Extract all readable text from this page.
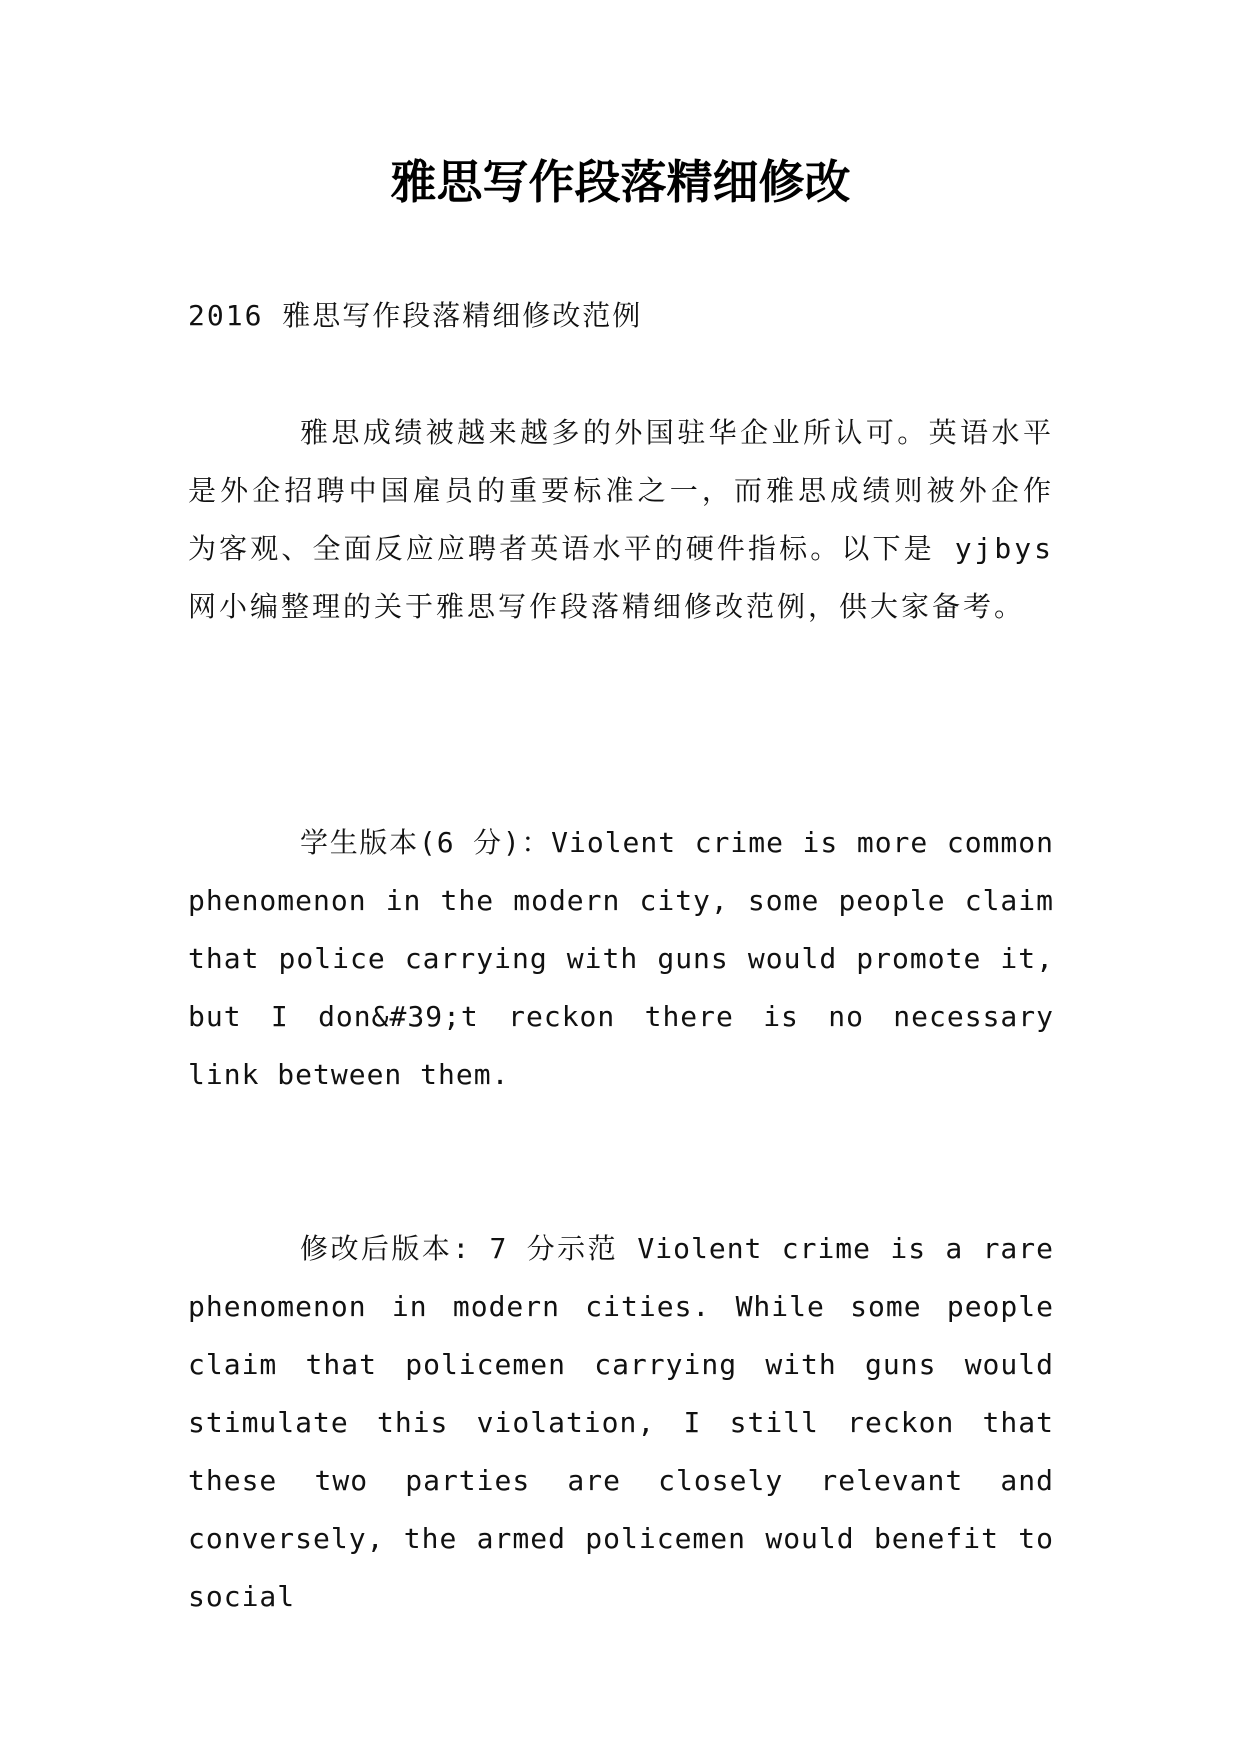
雅思写作段落精细修改
2016 雅思写作段落精细修改范例
雅思成绩被越来越多的外国驻华企业所认可。英语水平是外企招聘中国雇员的重要标准之一，而雅思成绩则被外企作为客观、全面反应应聘者英语水平的硬件指标。以下是 yjbys 网小编整理的关于雅思写作段落精细修改范例，供大家备考。
学生版本(6 分)：Violent crime is more common phenomenon in the modern city, some people claim that police carrying with guns would promote it, but I don&#39;t reckon there is no necessary link between them.
修改后版本: 7 分示范 Violent crime is a rare phenomenon in modern cities. While some people claim that policemen carrying with guns would stimulate this violation, I still reckon that these two parties are closely relevant and conversely, the armed policemen would benefit to social
